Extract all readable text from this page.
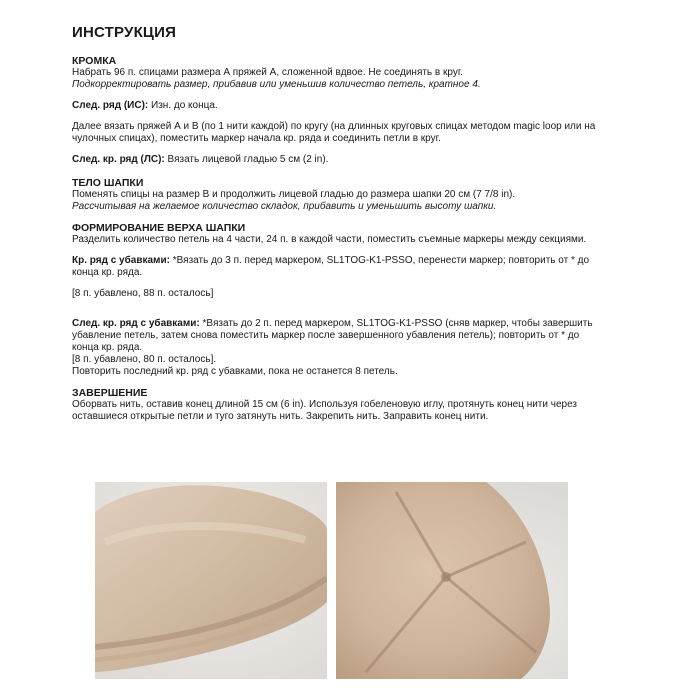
ИНСТРУКЦИЯ
КРОМКА
Набрать 96 п. спицами размера А пряжей А, сложенной вдвое. Не соединять в круг.
Подкорректировать размер, прибавив или уменьшив количество петель, кратное 4.
След. ряд (ИС): Изн. до конца.
Далее вязать пряжей А и В (по 1 нити каждой) по кругу (на длинных круговых спицах методом magic loop или на
чулочных спицах), поместить маркер начала кр. ряда и соединить петли в круг.
След. кр. ряд (ЛС): Вязать лицевой гладью 5 см (2 in).
ТЕЛО ШАПКИ
Поменять спицы на размер В и продолжить лицевой гладью до размера шапки 20 см (7 7/8 in).
Рассчитывая на желаемое количество складок, прибавить и уменьшить высоту шапки.
ФОРМИРОВАНИЕ ВЕРХА ШАПКИ
Разделить количество петель на 4 части, 24 п. в каждой части, поместить съемные маркеры между секциями.
Кр. ряд с убавками: *Вязать до 3 п. перед маркером, SL1TOG-K1-PSSO, перенести маркер; повторить от * до
конца кр. ряда.
[8 п. убавлено, 88 п. осталось]
След. кр. ряд с убавками: *Вязать до 2 п. перед маркером, SL1TOG-K1-PSSO (сняв маркер, чтобы завершить
убавление петель, затем снова поместить маркер после завершенного убавления петель); повторить от * до
конца кр. ряда.
[8 п. убавлено, 80 п. осталось].
Повторить последний кр. ряд с убавками, пока не останется 8 петель.
ЗАВЕРШЕНИЕ
Оборвать нить, оставив конец длиной 15 см (6 in). Используя гобеленовую иглу, протянуть конец нити через
оставшиеся открытые петли и туго затянуть нить. Закрепить нить. Заправить конец нити.
